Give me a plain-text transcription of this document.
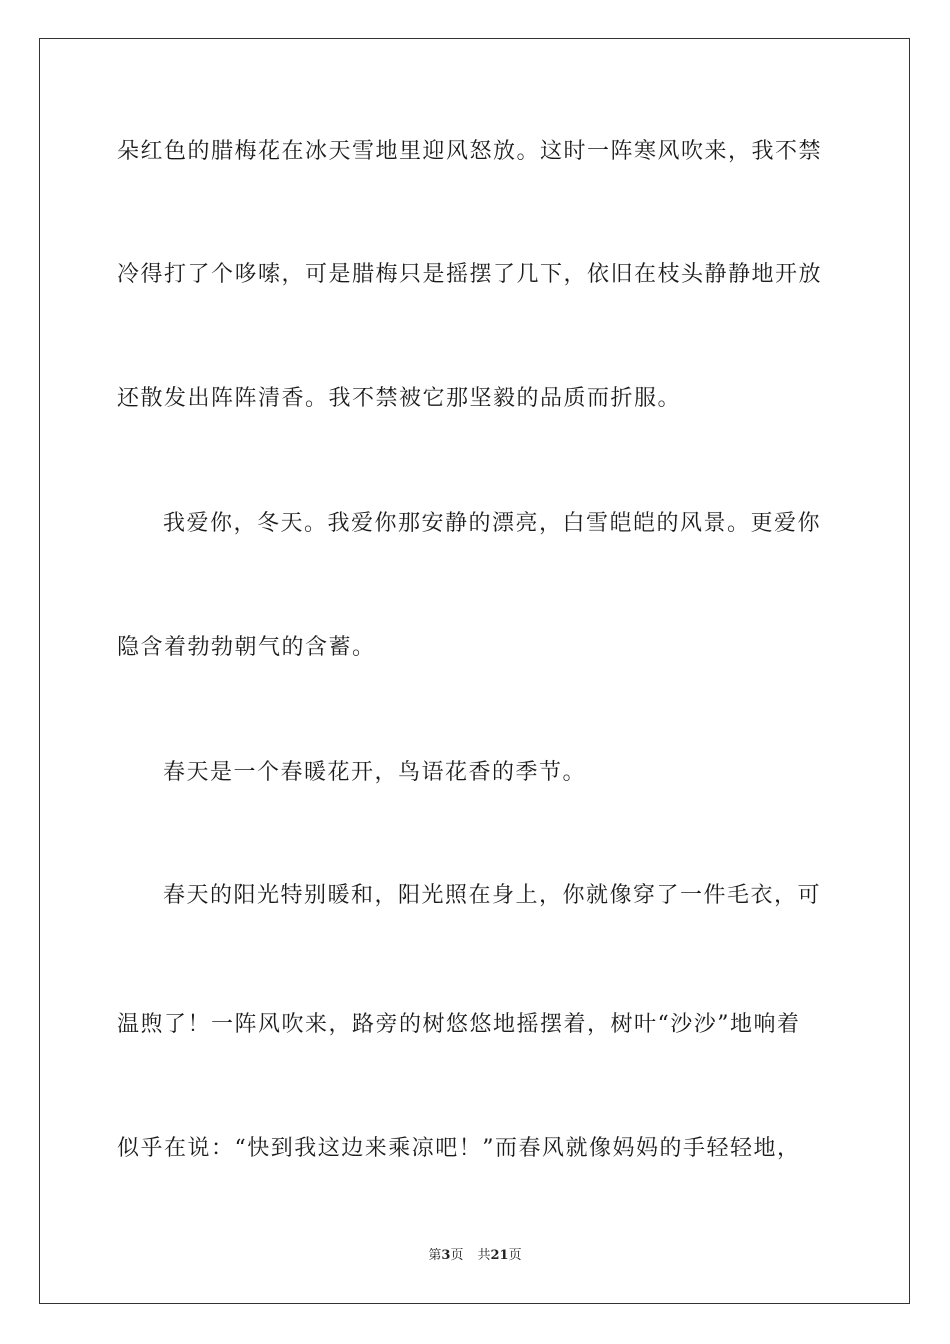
朵红色的腊梅花在冰天雪地里迎风怒放。这时一阵寒风吹来，我不禁
冷得打了个哆嗦，可是腊梅只是摇摆了几下，依旧在枝头静静地开放
还散发出阵阵清香。我不禁被它那坚毅的品质而折服。
我爱你，冬天。我爱你那安静的漂亮，白雪皑皑的风景。更爱你
隐含着勃勃朝气的含蓄。
春天是一个春暖花开，鸟语花香的季节。
春天的阳光特别暖和，阳光照在身上，你就像穿了一件毛衣，可
温煦了！一阵风吹来，路旁的树悠悠地摇摆着，树叶“沙沙”地响着
似乎在说：“快到我这边来乘凉吧！”而春风就像妈妈的手轻轻地，
第3页 共21页
